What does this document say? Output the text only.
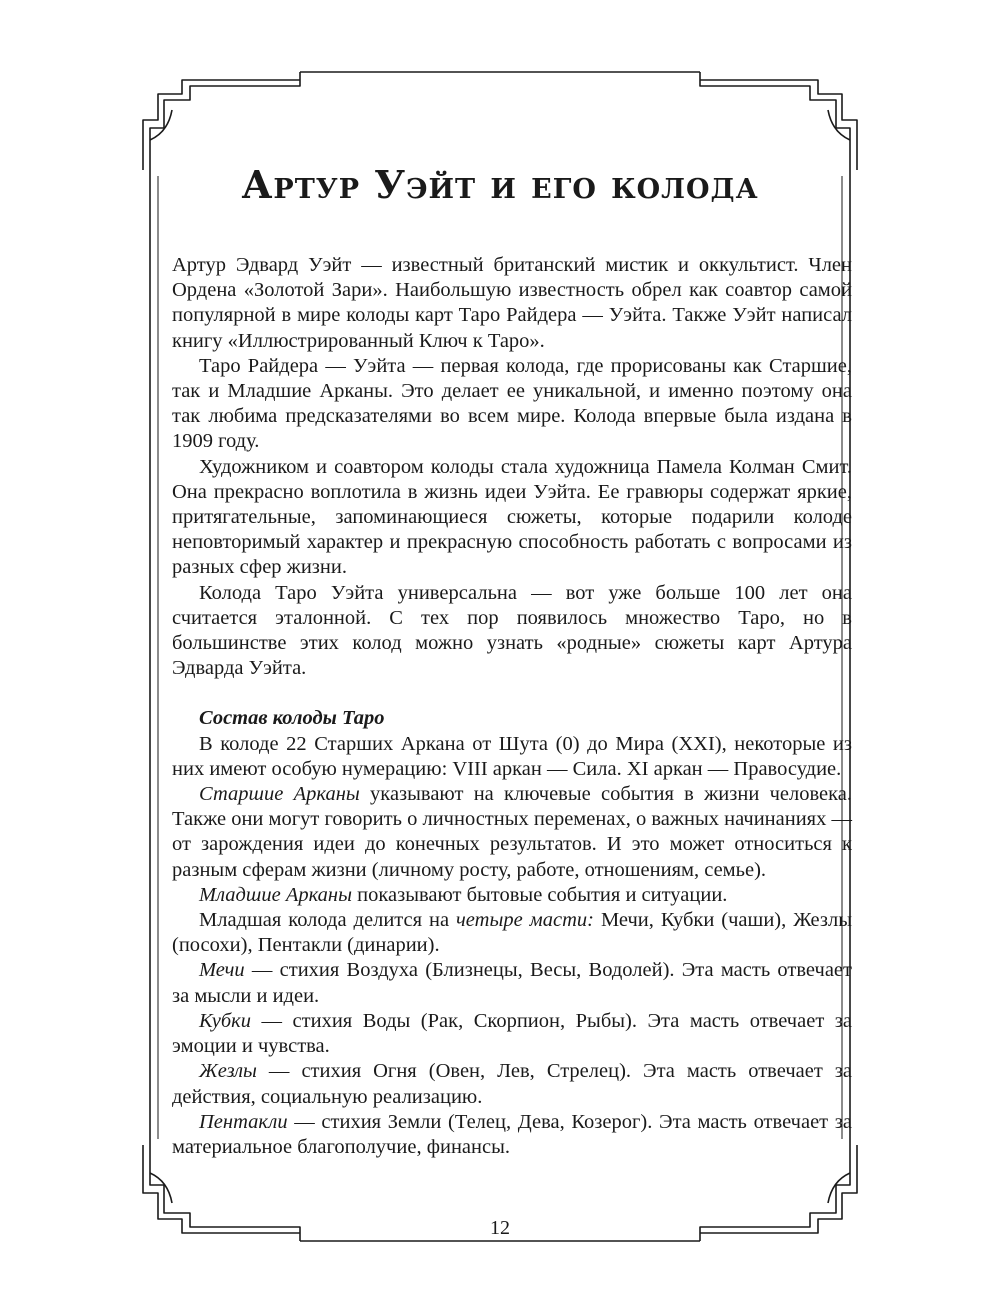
Артур Уэйт и его колода

Артур Эдвард Уэйт — известный британский мистик и оккультист. Член Ордена «Золотой Зари». Наибольшую известность обрел как соавтор самой популярной в мире колоды карт Таро Райдера — Уэйта. Также Уэйт написал книгу «Иллюстрированный Ключ к Таро».

Таро Райдера — Уэйта — первая колода, где прорисованы как Старшие, так и Младшие Арканы. Это делает ее уникальной, и именно поэтому она так любима предсказателями во всем мире. Колода впервые была издана в 1909 году.

Художником и соавтором колоды стала художница Памела Колман Смит. Она прекрасно воплотила в жизнь идеи Уэйта. Ее гравюры содержат яркие, притягательные, запоминающиеся сюжеты, которые подарили колоде неповторимый характер и прекрасную способность работать с вопросами из разных сфер жизни.

Колода Таро Уэйта универсальна — вот уже больше 100 лет она считается эталонной. С тех пор появилось множество Таро, но в большинстве этих колод можно узнать «родные» сюжеты карт Артура Эдварда Уэйта.

Состав колоды Таро

В колоде 22 Старших Аркана от Шута (0) до Мира (XXI), некоторые из них имеют особую нумерацию: VIII аркан — Сила. XI аркан — Правосудие.

Старшие Арканы указывают на ключевые события в жизни человека. Также они могут говорить о личностных переменах, о важных начинаниях — от зарождения идеи до конечных результатов. И это может относиться к разным сферам жизни (личному росту, работе, отношениям, семье).

Младшие Арканы показывают бытовые события и ситуации.

Младшая колода делится на четыре масти: Мечи, Кубки (чаши), Жезлы (посохи), Пентакли (динарии).

Мечи — стихия Воздуха (Близнецы, Весы, Водолей). Эта масть отвечает за мысли и идеи.

Кубки — стихия Воды (Рак, Скорпион, Рыбы). Эта масть отвечает за эмоции и чувства.

Жезлы — стихия Огня (Овен, Лев, Стрелец). Эта масть отвечает за действия, социальную реализацию.

Пентакли — стихия Земли (Телец, Дева, Козерог). Эта масть отвечает за материальное благополучие, финансы.

12
